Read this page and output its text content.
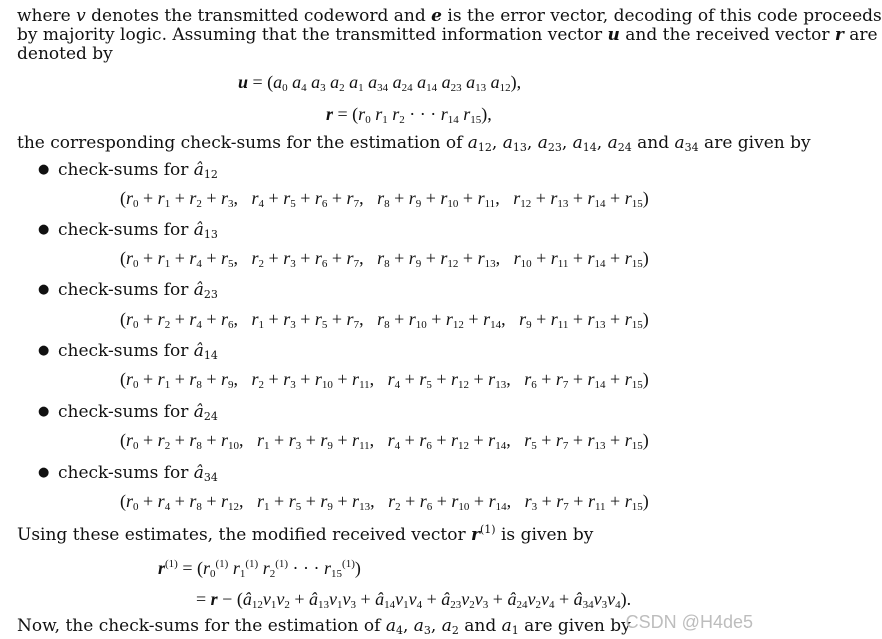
where v denotes the transmitted codeword and e is the error vector, decoding of this code proceeds
by majority logic. Assuming that the transmitted information vector u and the received vector r are
denoted by
$u = (a_0$ $a_4$ $a_3$ $a_2$ $a_1$ $a_{34}$ $a_{24}$ $a_{14}$ $a_{23}$ $a_{13}$ $a_{12}$),
$r = (r_0$ $r_1$ $r_2$ · · · $r_{14}$ $r_{15}$),
the corresponding check-sums for the estimation of $a_{12}$, $a_{13}$, $a_{23}$, $a_{14}$, $a_{24}$ and $a_{34}$ are given by
● check-sums for $â_{12}$
($r_0 + r_1 + r_2 + r_3$,   $r_4 + r_5 + r_6 + r_7$,   $r_8 + r_9 + r_{10} + r_{11}$,   $r_{12} + r_{13} + r_{14} + r_{15}$)
● check-sums for $â_{13}$
($r_0 + r_1 + r_4 + r_5$,   $r_2 + r_3 + r_6 + r_7$,   $r_8 + r_9 + r_{12} + r_{13}$,   $r_{10} + r_{11} + r_{14} + r_{15}$)
● check-sums for $â_{23}$
($r_0 + r_2 + r_4 + r_6$,   $r_1 + r_3 + r_5 + r_7$,   $r_8 + r_{10} + r_{12} + r_{14}$,   $r_9 + r_{11} + r_{13} + r_{15}$)
● check-sums for $â_{14}$
($r_0 + r_1 + r_8 + r_9$,   $r_2 + r_3 + r_{10} + r_{11}$,   $r_4 + r_5 + r_{12} + r_{13}$,   $r_6 + r_7 + r_{14} + r_{15}$)
● check-sums for $â_{24}$
($r_0 + r_2 + r_8 + r_{10}$,   $r_1 + r_3 + r_9 + r_{11}$,   $r_4 + r_6 + r_{12} + r_{14}$,   $r_5 + r_7 + r_{13} + r_{15}$)
● check-sums for $â_{34}$
($r_0 + r_4 + r_8 + r_{12}$,   $r_1 + r_5 + r_9 + r_{13}$,   $r_2 + r_6 + r_{10} + r_{14}$,   $r_3 + r_7 + r_{11} + r_{15}$)
Using these estimates, the modified received vector $r^{(1)}$ is given by
$r^{(1)} = (r_0^{(1)}$ $r_1^{(1)}$ $r_2^{(1)}$ · · · $r_{15}^{(1)}$)
= $r - (â_{12}v_1v_2$ + $â_{13}v_1v_3$ + $â_{14}v_1v_4$ + $â_{23}v_2v_3$ + $â_{24}v_2v_4$ + $â_{34}v_3v_4$).
Now, the check-sums for the estimation of $a_4$, $a_3$, $a_2$ and $a_1$ are given by
CSDN @H4de5
